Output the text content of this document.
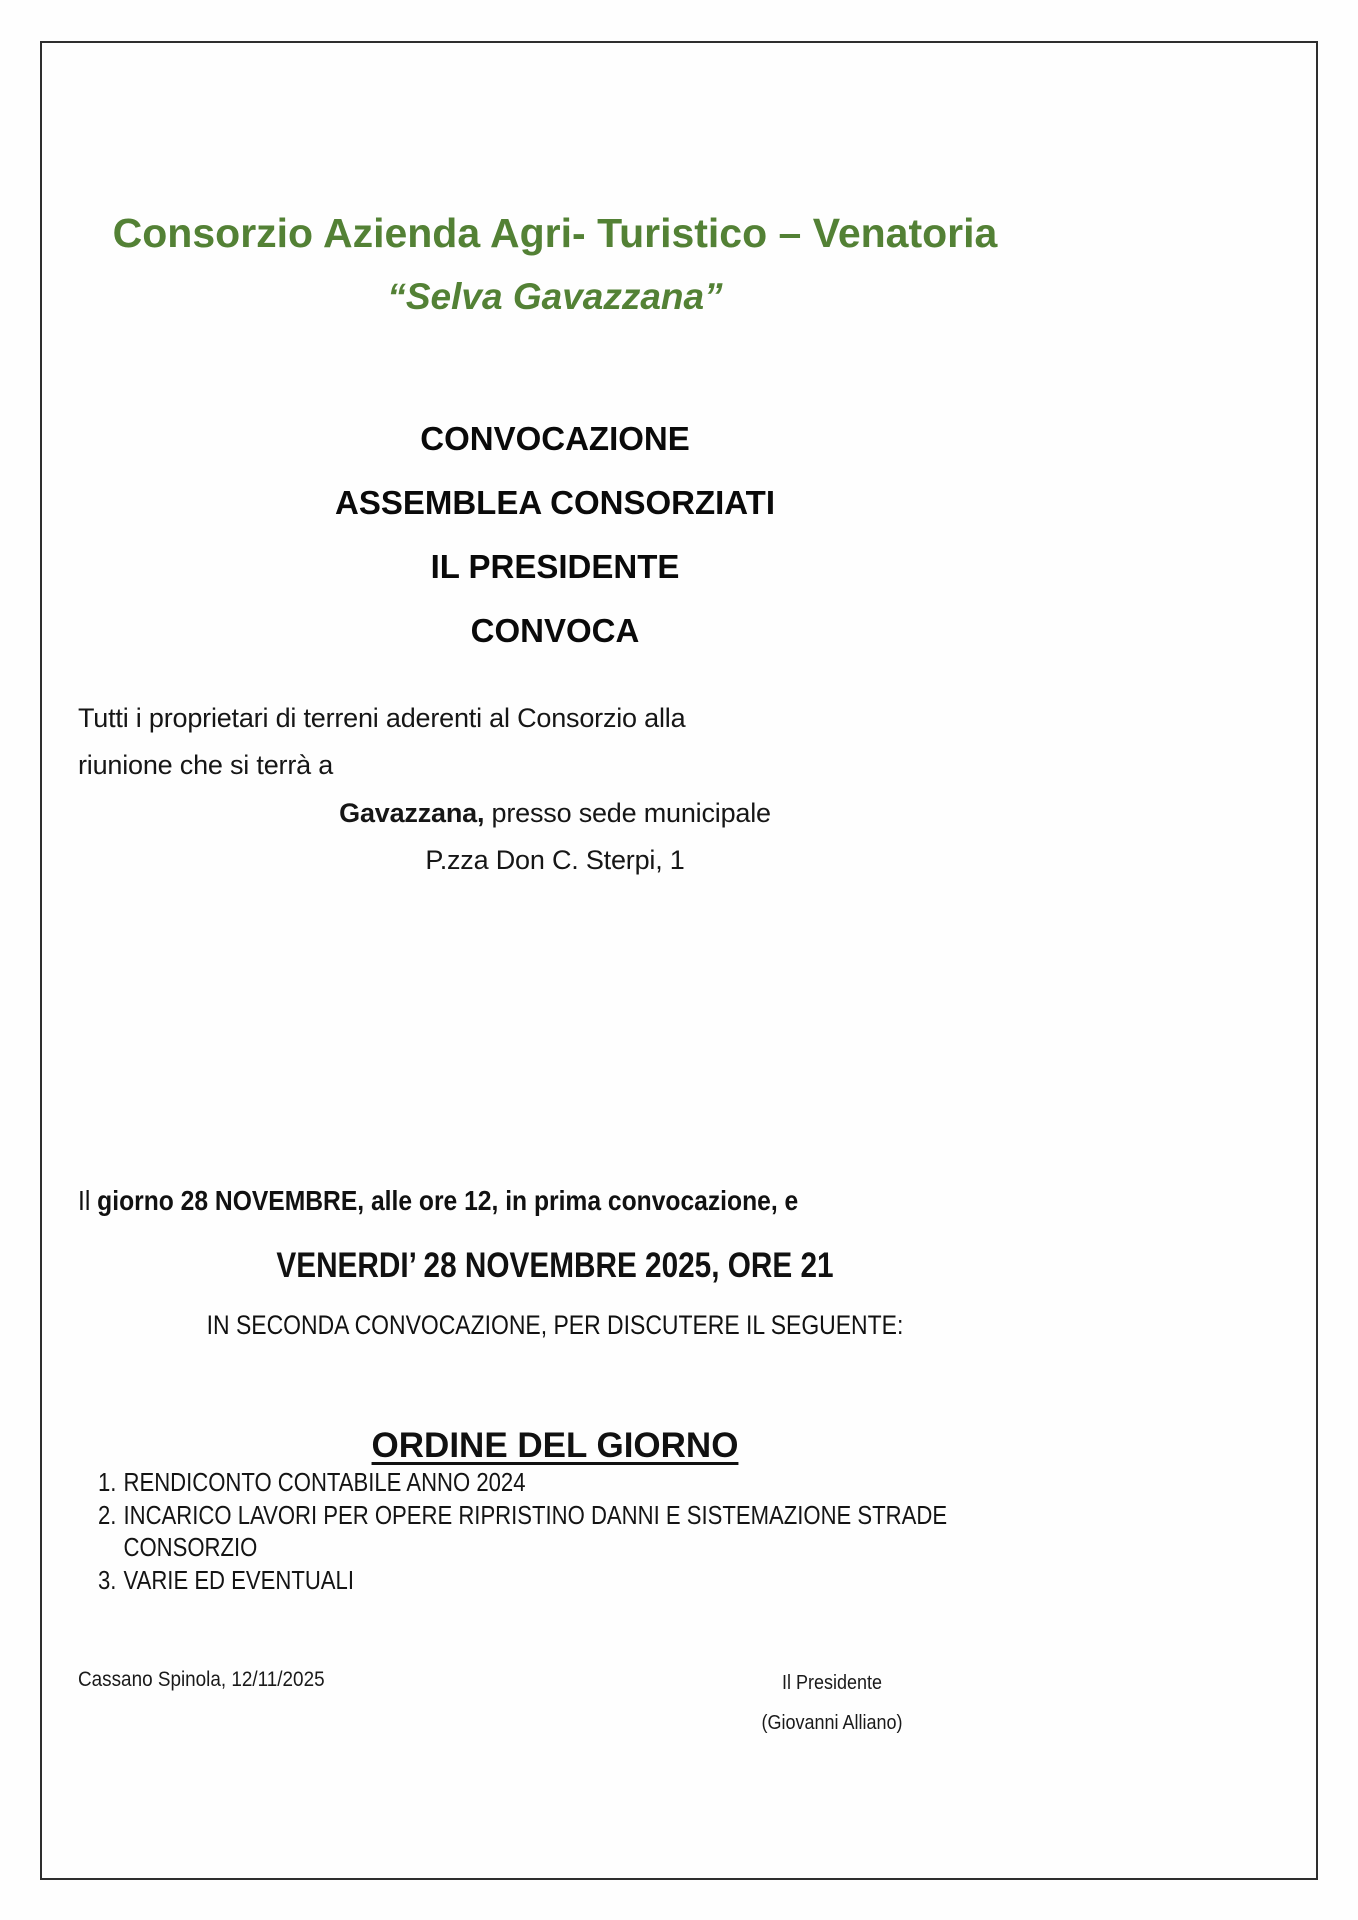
Consorzio Azienda Agri- Turistico – Venatoria
“Selva Gavazzana”
CONVOCAZIONE
ASSEMBLEA CONSORZIATI
IL PRESIDENTE
CONVOCA
Tutti i proprietari di terreni aderenti al Consorzio alla
riunione che si terrà a
Gavazzana, presso sede municipale
P.zza Don C. Sterpi, 1
Il giorno 28 NOVEMBRE, alle ore 12, in prima convocazione, e
VENERDI’ 28 NOVEMBRE 2025, ORE 21
IN SECONDA CONVOCAZIONE, PER DISCUTERE IL SEGUENTE:
ORDINE DEL GIORNO
1. RENDICONTO CONTABILE ANNO 2024
2. INCARICO LAVORI PER OPERE RIPRISTINO DANNI E SISTEMAZIONE STRADE CONSORZIO
3. VARIE ED EVENTUALI
Cassano Spinola, 12/11/2025	Il Presidente
(Giovanni Alliano)
